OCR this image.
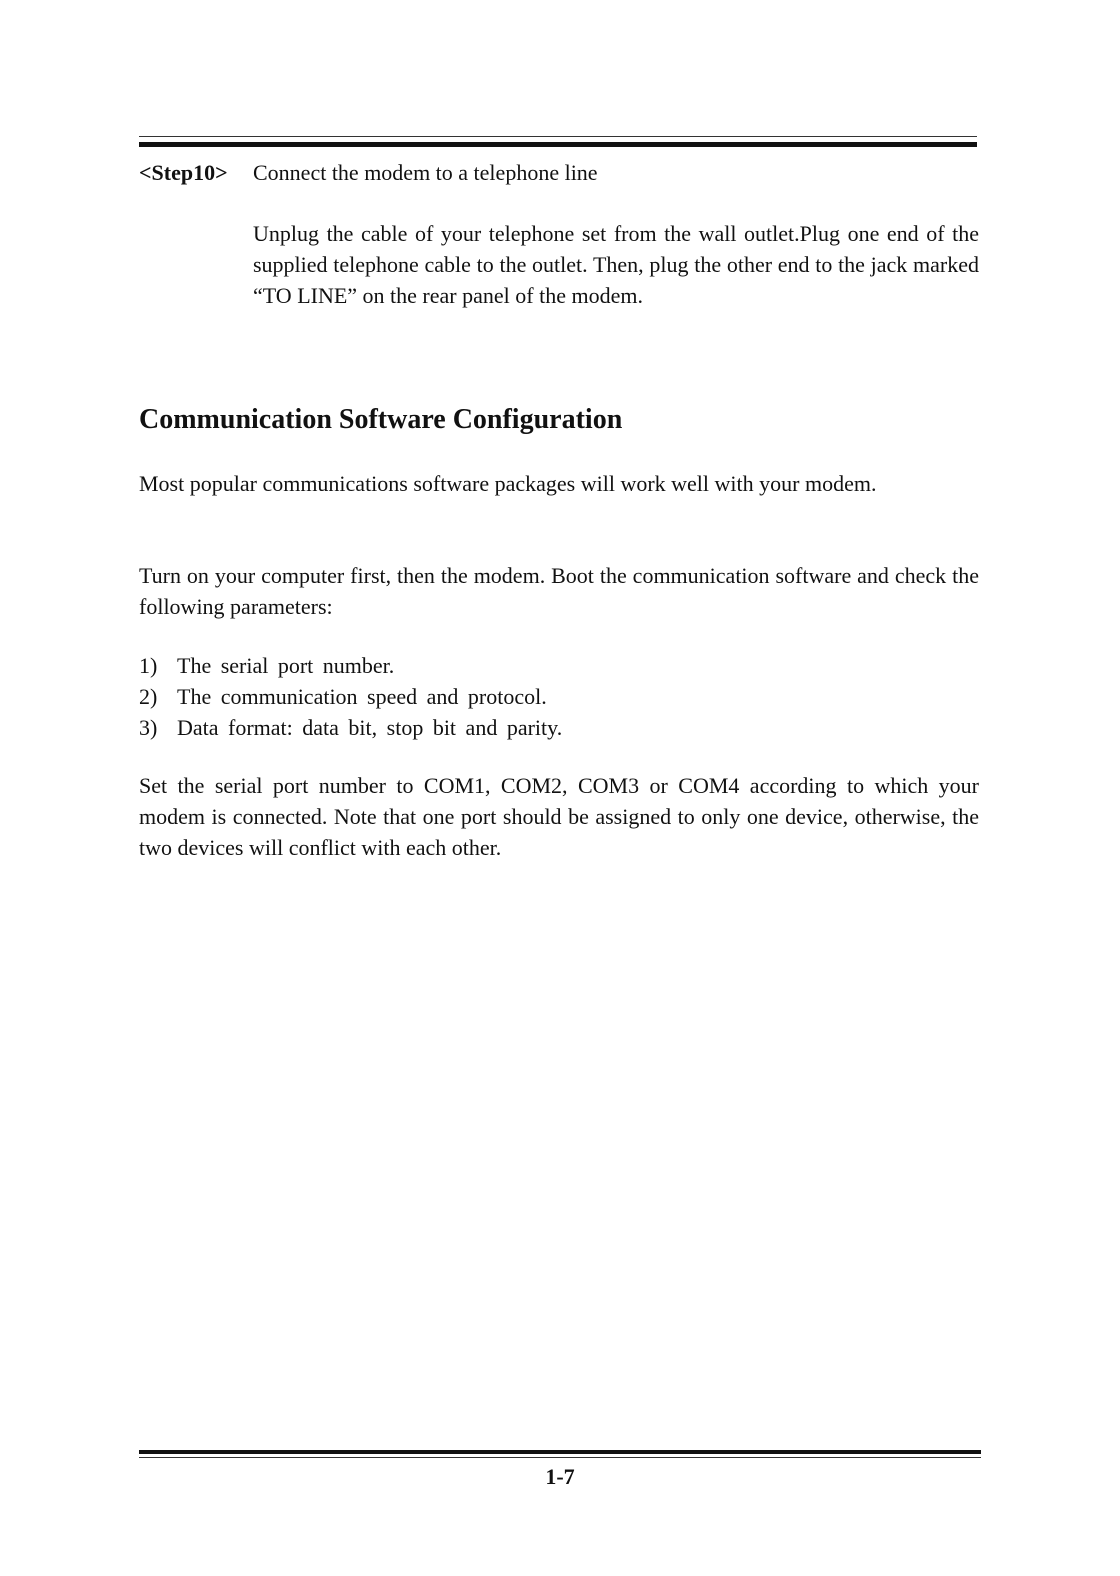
<Step10> Connect the modem to a telephone line

Unplug the cable of your telephone set from the wall outlet.Plug one end of the supplied telephone cable to the outlet. Then, plug the other end to the jack marked “TO LINE” on the rear panel of the modem.

Communication Software Configuration

Most popular communications software packages will work well with your modem.

Turn on your computer first, then the modem. Boot the communication software and check the following parameters:

1) The serial port number.
2) The communication speed and protocol.
3) Data format: data bit, stop bit and parity.

Set the serial port number to COM1, COM2, COM3 or COM4 according to which your modem is connected. Note that one port should be assigned to only one device, otherwise, the two devices will conflict with each other.

1-7
